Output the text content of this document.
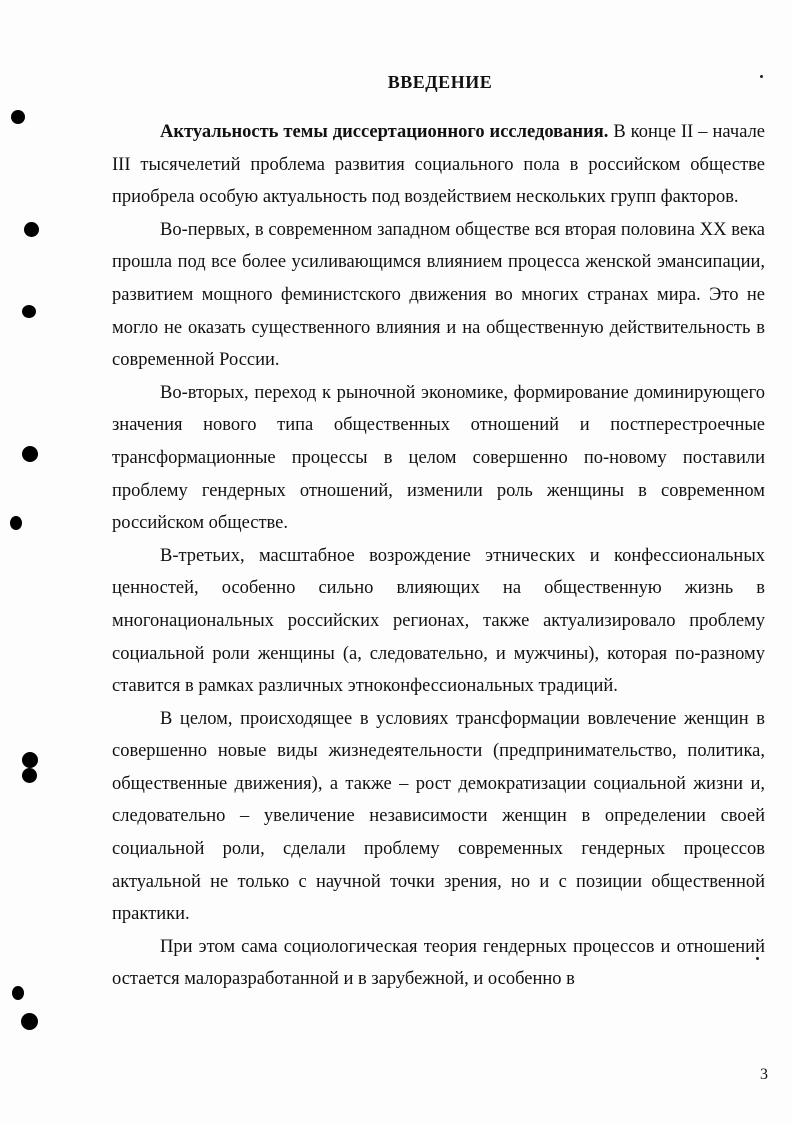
ВВЕДЕНИЕ

Актуальность темы диссертационного исследования. В конце II – начале III тысячелетий проблема развития социального пола в российском обществе приобрела особую актуальность под воздействием нескольких групп факторов.

Во-первых, в современном западном обществе вся вторая половина XX века прошла под все более усиливающимся влиянием процесса женской эмансипации, развитием мощного феминистского движения во многих странах мира. Это не могло не оказать существенного влияния и на общественную действительность в современной России.

Во-вторых, переход к рыночной экономике, формирование доминирующего значения нового типа общественных отношений и постперестроечные трансформационные процессы в целом совершенно по-новому поставили проблему гендерных отношений, изменили роль женщины в современном российском обществе.

В-третьих, масштабное возрождение этнических и конфессиональных ценностей, особенно сильно влияющих на общественную жизнь в многонациональных российских регионах, также актуализировало проблему социальной роли женщины (а, следовательно, и мужчины), которая по-разному ставится в рамках различных этноконфессиональных традиций.

В целом, происходящее в условиях трансформации вовлечение женщин в совершенно новые виды жизнедеятельности (предпринимательство, политика, общественные движения), а также – рост демократизации социальной жизни и, следовательно – увеличение независимости женщин в определении своей социальной роли, сделали проблему современных гендерных процессов актуальной не только с научной точки зрения, но и с позиции общественной практики.

При этом сама социологическая теория гендерных процессов и отношений остается малоразработанной и в зарубежной, и особенно в

3
